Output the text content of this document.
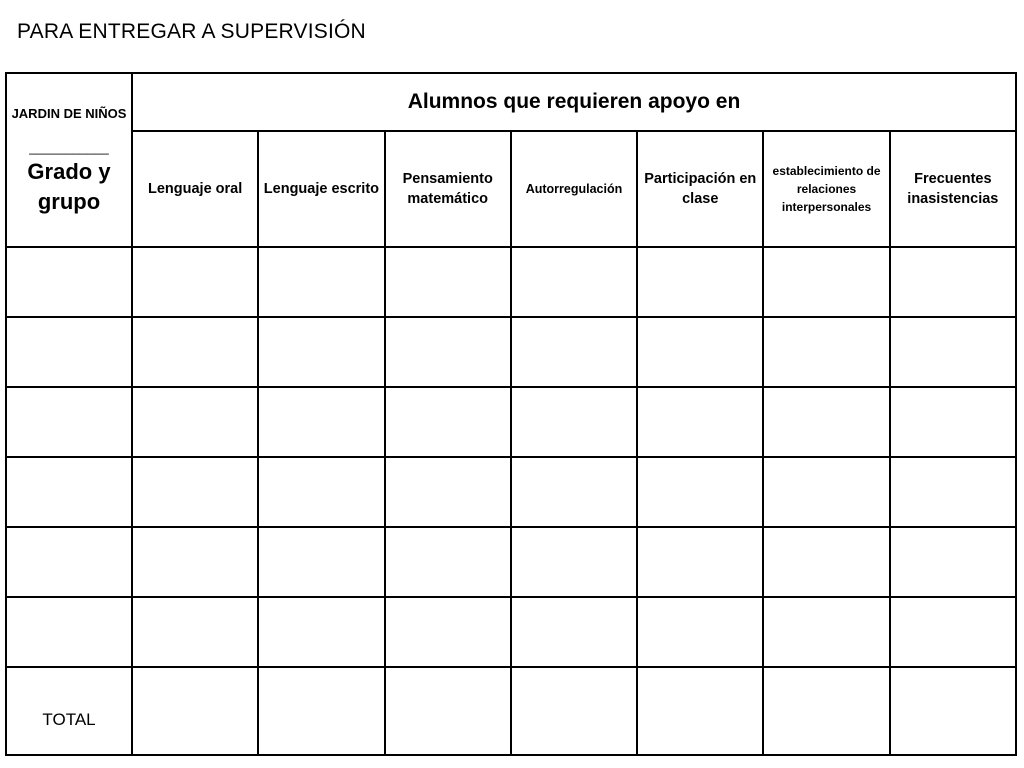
PARA ENTREGAR A SUPERVISIÓN
JARDIN DE NIÑOS
___________
Grado y grupo	Alumnos que requieren apoyo en						
	Lenguaje oral	Lenguaje escrito	Pensamiento matemático	Autorregulación	Participación en clase	establecimiento de relaciones interpersonales	Frecuentes inasistencias

TOTAL							
